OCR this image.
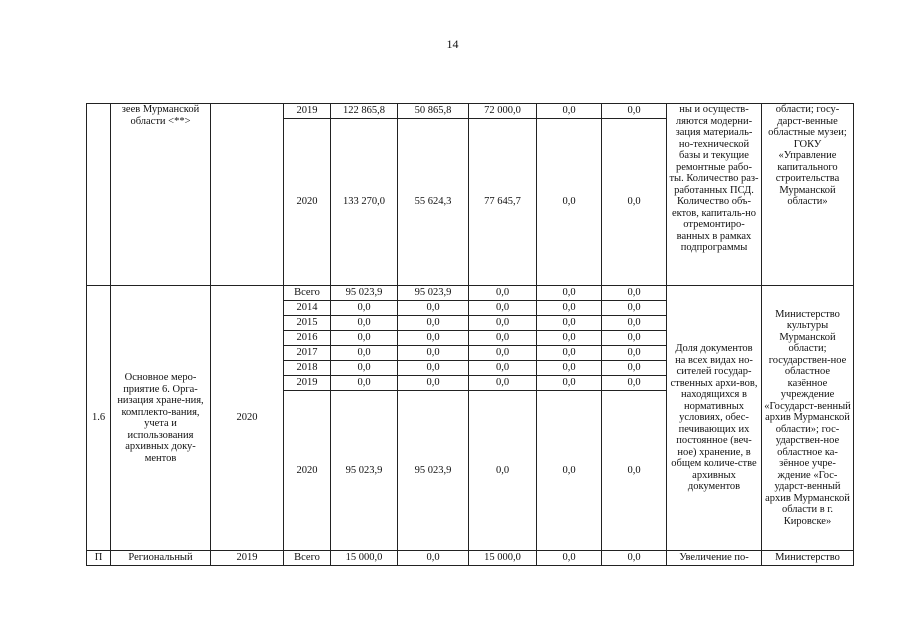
14
	зеев Мурманской области <**>		2019	122 865,8	50 865,8	72 000,0	0,0	0,0	ны и осуществ-ляются модерни-зация материаль-но-технической базы и текущие ремонтные рабо-ты. Количество раз-работанных ПСД. Количество объ-ектов, капиталь-но отремонтиро-ванных в рамках подпрограммы	области; госу-дарст-венные областные музеи; ГОКУ «Управление капитального строительства Мурманской области»
			2020	133 270,0	55 624,3	77 645,7	0,0	0,0		
1.6	Основное меро-приятие 6. Орга-низация хране-ния, комплекто-вания, учета и использования архивных доку-ментов	2020	Всего	95 023,9	95 023,9	0,0	0,0	0,0	Доля документов на всех видах но-сителей государ-ственных архи-вов, находящихся в нормативных условиях, обес-печивающих их постоянное (веч-ное) хранение, в общем количе-стве архивных документов	Министерство культуры Мурманской области; государствен-ное областное казённое учреждение «Государст-венный архив Мурманской области»; гос-ударствен-ное областное ка-зённое учре-ждение «Гос-ударст-венный архив Мурманской области в г. Кировске»
			2014	0,0	0,0	0,0	0,0	0,0		
			2015	0,0	0,0	0,0	0,0	0,0		
			2016	0,0	0,0	0,0	0,0	0,0		
			2017	0,0	0,0	0,0	0,0	0,0		
			2018	0,0	0,0	0,0	0,0	0,0		
			2019	0,0	0,0	0,0	0,0	0,0		
			2020	95 023,9	95 023,9	0,0	0,0	0,0		
П	Региональный	2019	Всего	15 000,0	0,0	15 000,0	0,0	0,0	Увеличение по-	Министерство
